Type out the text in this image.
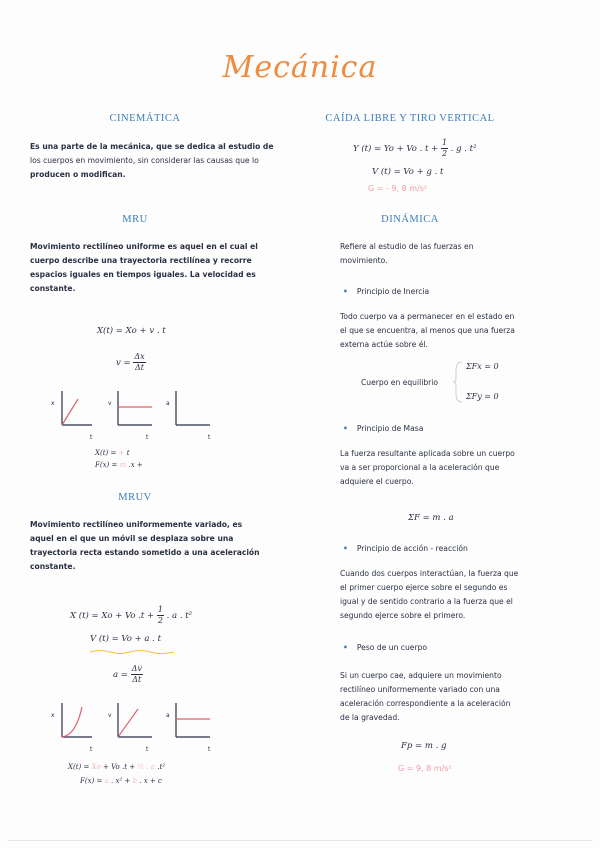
Mecánica
CINEMÁTICA
Es una parte de la mecánica, que se dedica al estudio de
los cuerpos en movimiento, sin considerar las causas que lo
producen o modifican.
MRU
Movimiento rectilíneo uniforme es aquel en el cual el
cuerpo describe una trayectoria rectilínea y recorre
espacios iguales en tiempos iguales. La velocidad es
constante.
X(t) = Xo + v . t
$v = \frac{\Delta x}{\Delta t}$
x
t
v
t
a
t
X(t) = + t
F(x) = m .x +
MRUV
Movimiento rectilíneo uniformemente variado, es
aquel en el que un móvil se desplaza sobre una
trayectoria recta estando sometido a una aceleración
constante.
X (t) = Xo + Vo $.t + \frac{1}{2}$ . a . t²
V (t) = Vo + a . t
$a = \frac{\Delta v}{\Delta t}$
x
t
v
t
a
t
X(t) = Xo + Vo .t + ½ . a .t²
F(x) = a . x² + b . x + c
CAÍDA LIBRE Y TIRO VERTICAL
Y (t) = Yo + Vo . $t + \frac{1}{2}$ . g . t²
V (t) = Vo + g . t
G = - 9, 8 m/s²
DINÁMICA
Refiere al estudio de las fuerzas en
movimiento.
• Principio de Inercia
Todo cuerpo va a permanecer en el estado en
el que se encuentra, al menos que una fuerza
externa actúe sobre él.
Cuerpo en equilibrio
ΣFx = 0
ΣFy = 0
• Principio de Masa
La fuerza resultante aplicada sobre un cuerpo
va a ser proporcional a la aceleración que
adquiere el cuerpo.
ΣF = m . a
• Principio de acción - reacción
Cuando dos cuerpos interactúan, la fuerza que
el primer cuerpo ejerce sobre el segundo es
igual y de sentido contrario a la fuerza que el
segundo ejerce sobre el primero.
• Peso de un cuerpo
Si un cuerpo cae, adquiere un movimiento
rectilíneo uniformemente variado con una
aceleración correspondiente a la aceleración
de la gravedad.
Fp = m . g
G = 9, 8 m/s²
